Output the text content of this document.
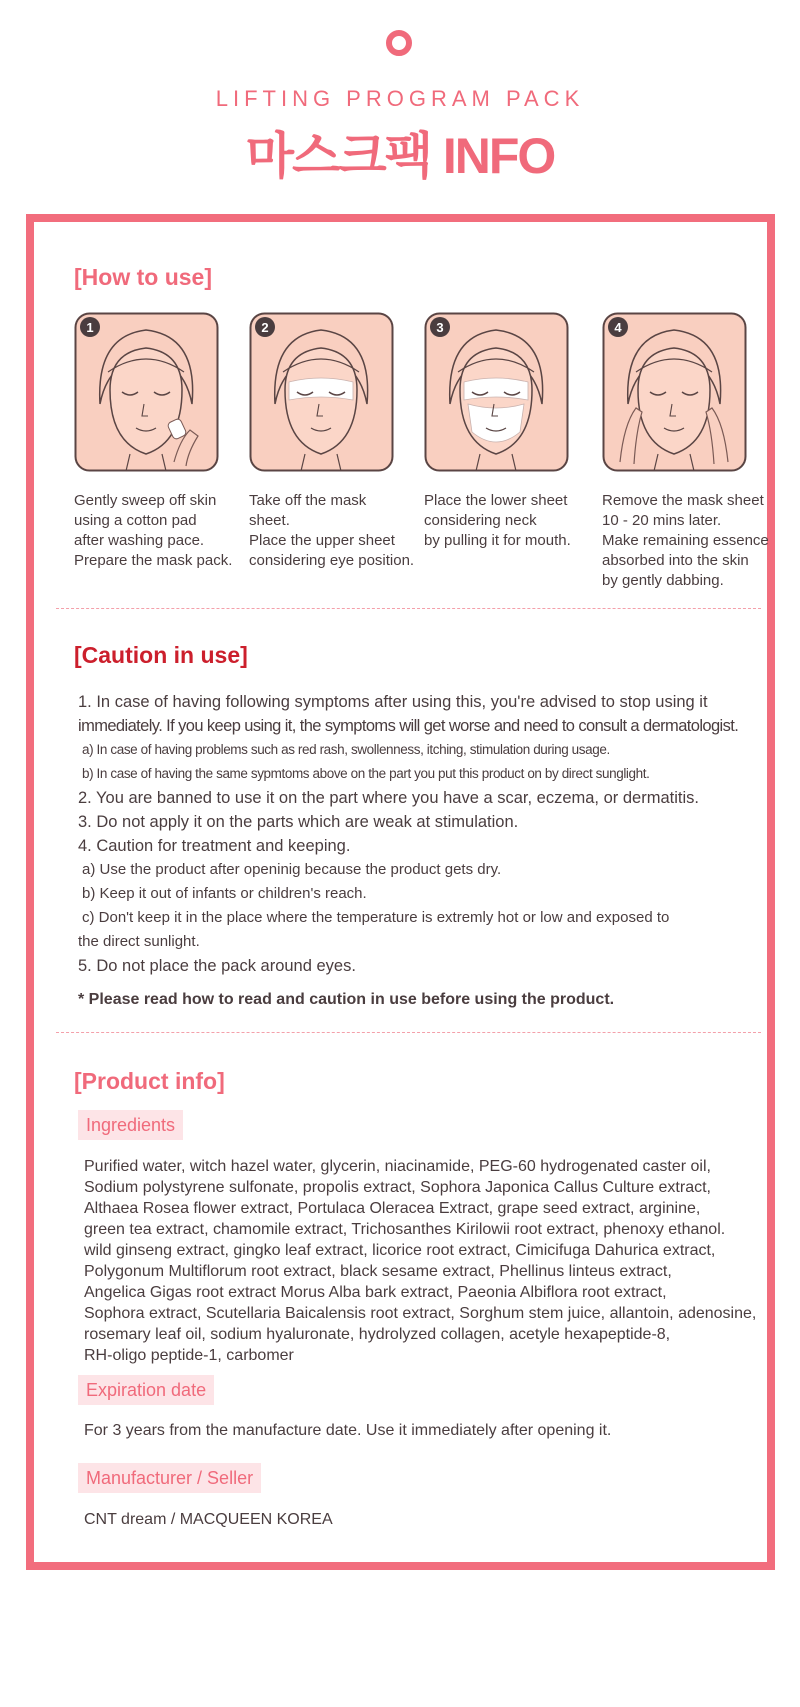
LIFTING PROGRAM PACK
마스크팩 INFO
[How to use]
1
Gently sweep off skin
using a cotton pad
after washing pace.
Prepare the mask pack.
2
Take off the mask
sheet.
Place the upper sheet
considering eye position.
3
Place the lower sheet
considering neck
by pulling it for mouth.
4
Remove the mask sheet
10 - 20 mins later.
Make remaining essence
absorbed into the skin
by gently dabbing.
[Caution in use]
1. In case of having following symptoms after using this, you're advised to stop using it
immediately. If you keep using it, the symptoms will get worse and need to consult a dermatologist.
a) In case of having problems such as red rash, swollenness, itching, stimulation during usage.
b) In case of having the same sypmtoms above on the part you put this product on by direct sunglight.
2. You are banned to use it on the part where you have a scar, eczema, or dermatitis.
3. Do not apply it on the parts which are weak at stimulation.
4. Caution for treatment and keeping.
a) Use the product after openinig because the product gets dry.
b) Keep it out of infants or children's reach.
c) Don't keep it in the place where the temperature is extremly hot or low and exposed to
the direct sunlight.
5. Do not place the pack around eyes.
* Please read how to read and caution in use before using the product.
[Product info]
Ingredients
Purified water, witch hazel water, glycerin, niacinamide, PEG-60 hydrogenated caster oil,
Sodium polystyrene sulfonate, propolis extract, Sophora Japonica Callus Culture extract,
Althaea Rosea flower extract, Portulaca Oleracea Extract, grape seed extract, arginine,
green tea extract, chamomile extract, Trichosanthes Kirilowii root extract, phenoxy ethanol.
wild ginseng extract, gingko leaf extract, licorice root extract, Cimicifuga Dahurica extract,
Polygonum Multiflorum root extract, black sesame extract, Phellinus linteus extract,
Angelica Gigas root extract Morus Alba bark extract, Paeonia Albiflora root extract,
Sophora extract, Scutellaria Baicalensis root extract, Sorghum stem juice, allantoin, adenosine,
rosemary leaf oil, sodium hyaluronate, hydrolyzed collagen, acetyle hexapeptide-8,
RH-oligo peptide-1, carbomer
Expiration date
For 3 years from the manufacture date. Use it immediately after opening it.
Manufacturer / Seller
CNT dream / MACQUEEN KOREA
